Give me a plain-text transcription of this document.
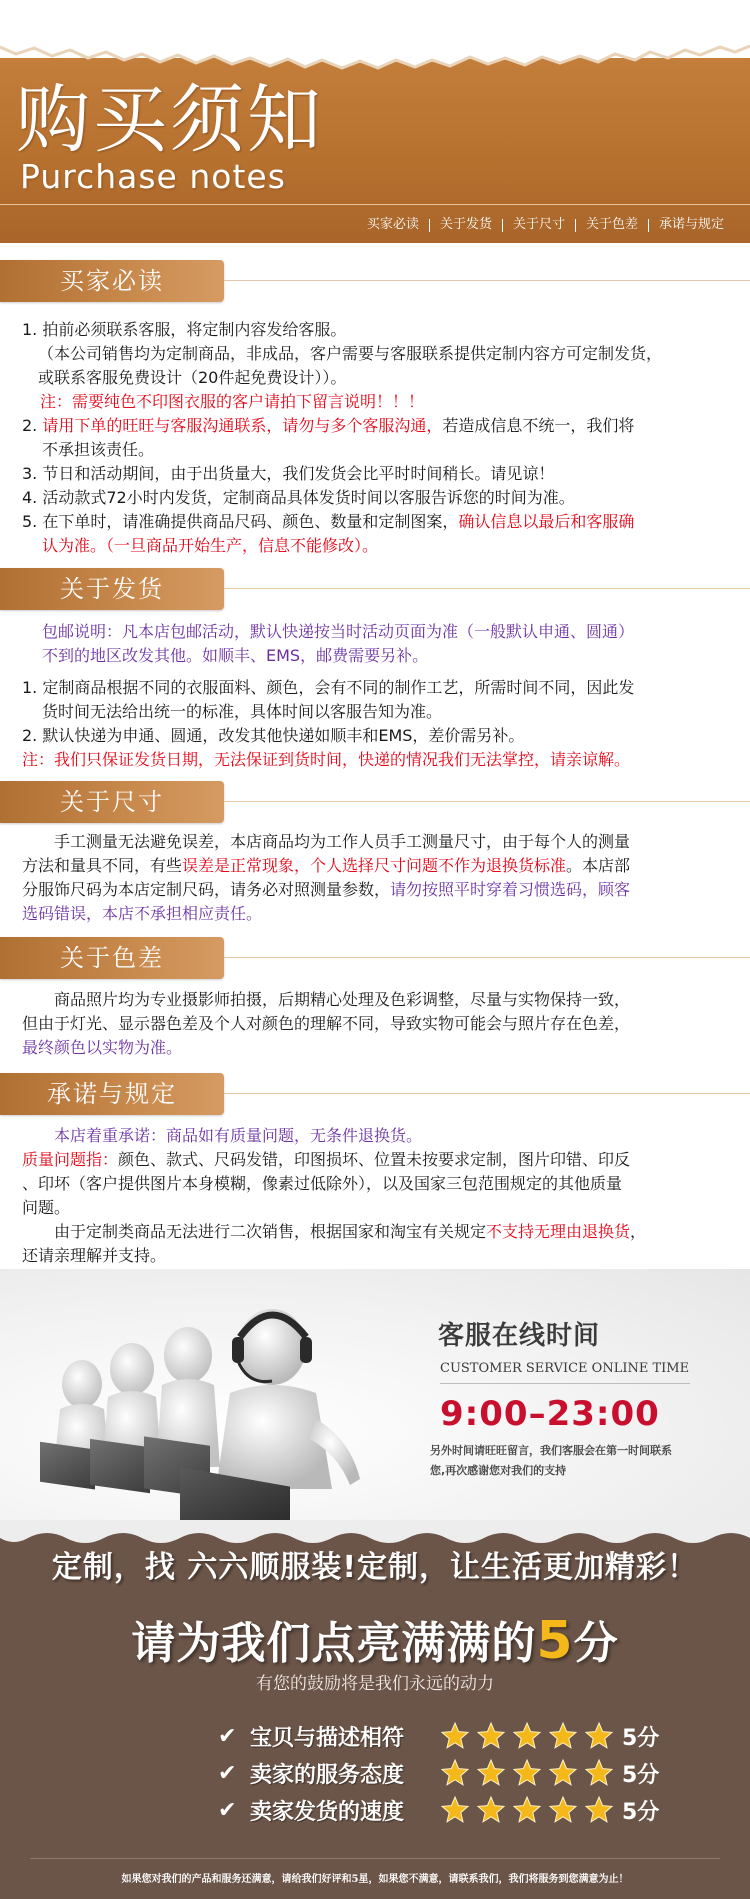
购买须知
Purchase notes
买家必读	关于发货	关于尺寸	关于色差	承诺与规定
买家必读
1. 拍前必须联系客服，将定制内容发给客服。
（本公司销售均为定制商品，非成品，客户需要与客服联系提供定制内容方可定制发货，
或联系客服免费设计（20件起免费设计））。
注：需要纯色不印图衣服的客户请拍下留言说明！！！
2. 请用下单的旺旺与客服沟通联系，请勿与多个客服沟通，若造成信息不统一，我们将
不承担该责任。
3. 节日和活动期间，由于出货量大，我们发货会比平时时间稍长。请见谅！
4. 活动款式72小时内发货，定制商品具体发货时间以客服告诉您的时间为准。
5. 在下单时，请准确提供商品尺码、颜色、数量和定制图案，确认信息以最后和客服确
认为准。（一旦商品开始生产，信息不能修改）。
关于发货
包邮说明：凡本店包邮活动，默认快递按当时活动页面为准（一般默认申通、圆通）
不到的地区改发其他。如顺丰、EMS，邮费需要另补。
1. 定制商品根据不同的衣服面料、颜色，会有不同的制作工艺，所需时间不同，因此发
货时间无法给出统一的标准，具体时间以客服告知为准。
2. 默认快递为申通、圆通，改发其他快递如顺丰和EMS，差价需另补。
注：我们只保证发货日期，无法保证到货时间，快递的情况我们无法掌控，请亲谅解。
关于尺寸
手工测量无法避免误差，本店商品均为工作人员手工测量尺寸，由于每个人的测量
方法和量具不同，有些误差是正常现象，个人选择尺寸问题不作为退换货标准。本店部
分服饰尺码为本店定制尺码，请务必对照测量参数，请勿按照平时穿着习惯选码，顾客
选码错误，本店不承担相应责任。
关于色差
商品照片均为专业摄影师拍摄，后期精心处理及色彩调整，尽量与实物保持一致，
但由于灯光、显示器色差及个人对颜色的理解不同，导致实物可能会与照片存在色差，
最终颜色以实物为准。
承诺与规定
本店着重承诺：商品如有质量问题，无条件退换货。
质量问题指：颜色、款式、尺码发错，印图损坏、位置未按要求定制，图片印错、印反
、印坏（客户提供图片本身模糊，像素过低除外），以及国家三包范围规定的其他质量
问题。
由于定制类商品无法进行二次销售，根据国家和淘宝有关规定不支持无理由退换货，
还请亲理解并支持。
客服在线时间
CUSTOMER SERVICE ONLINE TIME
9:00–23:00
另外时间请旺旺留言，我们客服会在第一时间联系
您,再次感谢您对我们的支持
定制，找 六六顺服装!定制，让生活更加精彩！
请为我们点亮满满的5分
有您的鼓励将是我们永远的动力
✔ 宝贝与描述相符	5分
✔ 卖家的服务态度	5分
✔ 卖家发货的速度	5分
如果您对我们的产品和服务还满意，请给我们好评和5星，如果您不满意，请联系我们，我们将服务到您满意为止！
